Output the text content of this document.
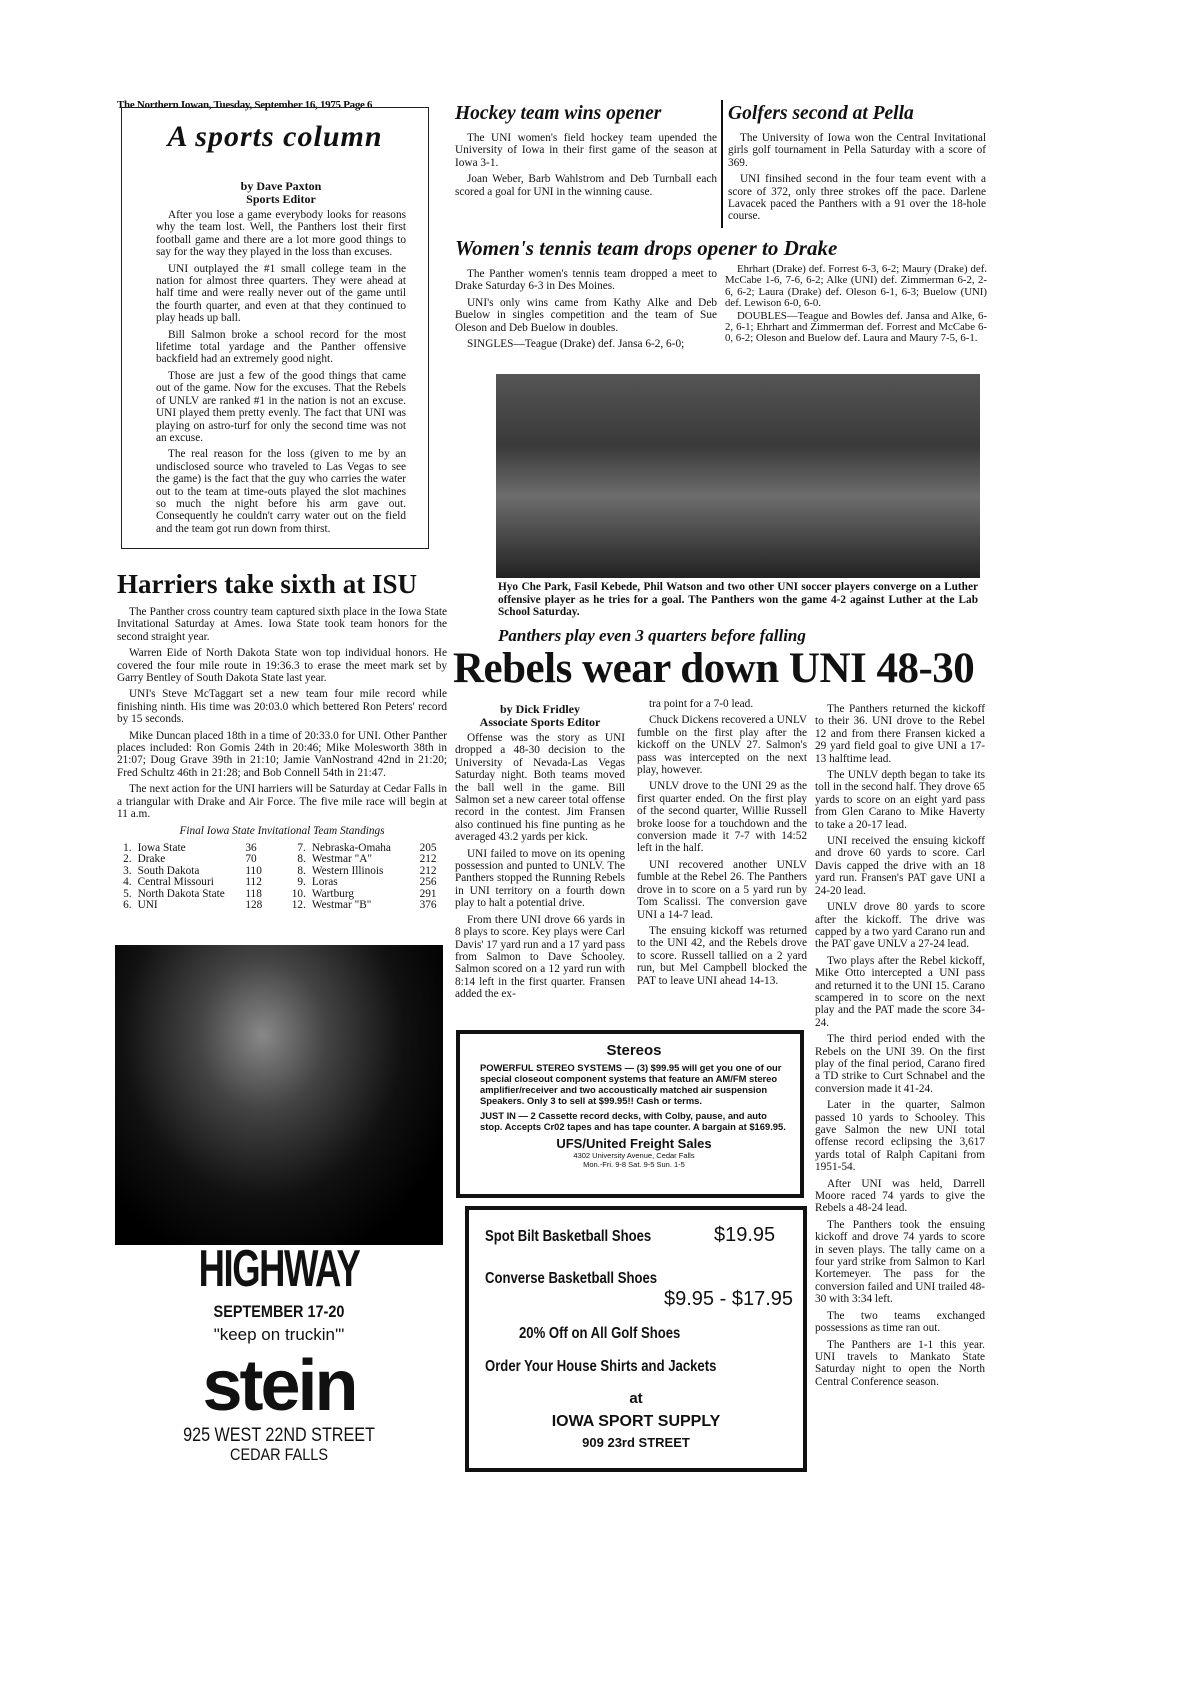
The Northern Iowan, Tuesday, September 16, 1975 Page 6
A sports column
by Dave Paxton
Sports Editor

After you lose a game everybody looks for reasons why the team lost. Well, the Panthers lost their first football game and there are a lot more good things to say for the way they played in the loss than excuses.

UNI outplayed the #1 small college team in the nation for almost three quarters. They were ahead at half time and were really never out of the game until the fourth quarter, and even at that they continued to play heads up ball.

Bill Salmon broke a school record for the most lifetime total yardage and the Panther offensive backfield had an extremely good night.

Those are just a few of the good things that came out of the game. Now for the excuses. That the Rebels of UNLV are ranked #1 in the nation is not an excuse. UNI played them pretty evenly. The fact that UNI was playing on astro-turf for only the second time was not an excuse.

The real reason for the loss (given to me by an undisclosed source who traveled to Las Vegas to see the game) is the fact that the guy who carries the water out to the team at time-outs played the slot machines so much the night before his arm gave out. Consequently he couldn't carry water out on the field and the team got run down from thirst.

Harriers take sixth at ISU

The Panther cross country team captured sixth place in the Iowa State Invitational Saturday at Ames. Iowa State took team honors for the second straight year.

Warren Eide of North Dakota State won top individual honors. He covered the four mile route in 19:36.3 to erase the meet mark set by Garry Bentley of South Dakota State last year.

UNI's Steve McTaggart set a new team four mile record while finishing ninth. His time was 20:03.0 which bettered Ron Peters' record by 15 seconds.

Mike Duncan placed 18th in a time of 20:33.0 for UNI. Other Panther places included: Ron Gomis 24th in 20:46; Mike Molesworth 38th in 21:07; Doug Grave 39th in 21:10; Jamie VanNostrand 42nd in 21:20; Fred Schultz 46th in 21:28; and Bob Connell 54th in 21:47.

The next action for the UNI harriers will be Saturday at Cedar Falls in a triangular with Drake and Air Force. The five mile race will begin at 11 a.m.

Final Iowa State Invitational Team Standings
1. Iowa State	36	7. Nebraska-Omaha	205
2. Drake	70	8. Westmar "A"	212
3. South Dakota	110	8. Western Illinois	212
4. Central Missouri	112	9. Loras	256
5. North Dakota State	118	10. Wartburg	291
6. UNI	128	12. Westmar "B"	376
HIGHWAY
SEPTEMBER 17-20
"keep on truckin'"
stein
925 WEST 22ND STREET
CEDAR FALLS
Hockey team wins opener

The UNI women's field hockey team upended the University of Iowa in their first game of the season at Iowa 3-1.

Joan Weber, Barb Wahlstrom and Deb Turnball each scored a goal for UNI in the winning cause.

Golfers second at Pella

The University of Iowa won the Central Invitational girls golf tournament in Pella Saturday with a score of 369.

UNI finsihed second in the four team event with a score of 372, only three strokes off the pace. Darlene Lavacek paced the Panthers with a 91 over the 18-hole course.

Women's tennis team drops opener to Drake

The Panther women's tennis team dropped a meet to Drake Saturday 6-3 in Des Moines.

UNI's only wins came from Kathy Alke and Deb Buelow in singles competition and the team of Sue Oleson and Deb Buelow in doubles.

SINGLES—Teague (Drake) def. Jansa 6-2, 6-0;

Ehrhart (Drake) def. Forrest 6-3, 6-2; Maury (Drake) def. McCabe 1-6, 7-6, 6-2; Alke (UNI) def. Zimmerman 6-2, 2-6, 6-2; Laura (Drake) def. Oleson 6-1, 6-3; Buelow (UNI) def. Lewison 6-0, 6-0.

DOUBLES—Teague and Bowles def. Jansa and Alke, 6-2, 6-1; Ehrhart and Zimmerman def. Forrest and McCabe 6-0, 6-2; Oleson and Buelow def. Laura and Maury 7-5, 6-1.

Hyo Che Park, Fasil Kebede, Phil Watson and two other UNI soccer players converge on a Luther offensive player as he tries for a goal. The Panthers won the game 4-2 against Luther at the Lab School Saturday.
Panthers play even 3 quarters before falling
Rebels wear down UNI 48-30
by Dick Fridley
Associate Sports Editor

Offense was the story as UNI dropped a 48-30 decision to the University of Nevada-Las Vegas Saturday night. Both teams moved the ball well in the game. Bill Salmon set a new career total offense record in the contest. Jim Fransen also continued his fine punting as he averaged 43.2 yards per kick.

UNI failed to move on its opening possession and punted to UNLV. The Panthers stopped the Running Rebels in UNI territory on a fourth down play to halt a potential drive.

From there UNI drove 66 yards in 8 plays to score. Key plays were Carl Davis' 17 yard run and a 17 yard pass from Salmon to Dave Schooley. Salmon scored on a 12 yard run with 8:14 left in the first quarter. Fransen added the ex-

tra point for a 7-0 lead.

Chuck Dickens recovered a UNLV fumble on the first play after the kickoff on the UNLV 27. Salmon's pass was intercepted on the next play, however.

UNLV drove to the UNI 29 as the first quarter ended. On the first play of the second quarter, Willie Russell broke loose for a touchdown and the conversion made it 7-7 with 14:52 left in the half.

UNI recovered another UNLV fumble at the Rebel 26. The Panthers drove in to score on a 5 yard run by Tom Scalissi. The conversion gave UNI a 14-7 lead.

The ensuing kickoff was returned to the UNI 42, and the Rebels drove to score. Russell tallied on a 2 yard run, but Mel Campbell blocked the PAT to leave UNI ahead 14-13.

The Panthers returned the kickoff to their 36. UNI drove to the Rebel 12 and from there Fransen kicked a 29 yard field goal to give UNI a 17-13 halftime lead.

The UNLV depth began to take its toll in the second half. They drove 65 yards to score on an eight yard pass from Glen Carano to Mike Haverty to take a 20-17 lead.

UNI received the ensuing kickoff and drove 60 yards to score. Carl Davis capped the drive with an 18 yard run. Fransen's PAT gave UNI a 24-20 lead.

UNLV drove 80 yards to score after the kickoff. The drive was capped by a two yard Carano run and the PAT gave UNLV a 27-24 lead.

Two plays after the Rebel kickoff, Mike Otto intercepted a UNI pass and returned it to the UNI 15. Carano scampered in to score on the next play and the PAT made the score 34-24.

The third period ended with the Rebels on the UNI 39. On the first play of the final period, Carano fired a TD strike to Curt Schnabel and the conversion made it 41-24.

Later in the quarter, Salmon passed 10 yards to Schooley. This gave Salmon the new UNI total offense record eclipsing the 3,617 yards total of Ralph Capitani from 1951-54.

After UNI was held, Darrell Moore raced 74 yards to give the Rebels a 48-24 lead.

The Panthers took the ensuing kickoff and drove 74 yards to score in seven plays. The tally came on a four yard strike from Salmon to Karl Kortemeyer. The pass for the conversion failed and UNI trailed 48-30 with 3:34 left.

The two teams exchanged possessions as time ran out.

The Panthers are 1-1 this year. UNI travels to Mankato State Saturday night to open the North Central Conference season.

Stereos

POWERFUL STEREO SYSTEMS — (3) $99.95 will get you one of our special closeout component systems that feature an AM/FM stereo amplifier/receiver and two accoustically matched air suspension Speakers. Only 3 to sell at $99.95!! Cash or terms.

JUST IN — 2 Cassette record decks, with Colby, pause, and auto stop. Accepts Cr02 tapes and has tape counter. A bargain at $169.95.

UFS/United Freight Sales
4302 University Avenue, Cedar Falls
Mon.-Fri. 9-8 Sat. 9-5 Sun. 1-5
Spot Bilt Basketball Shoes	$19.95
Converse Basketball Shoes
$9.95 - $17.95
20% Off on All Golf Shoes
Order Your House Shirts and Jackets
at
IOWA SPORT SUPPLY
909 23rd STREET
